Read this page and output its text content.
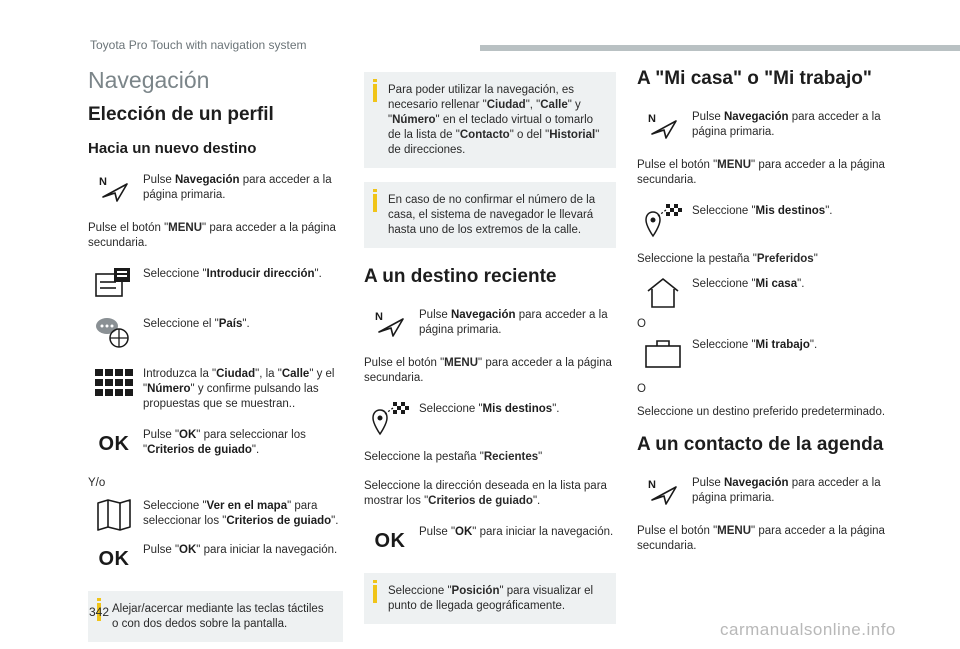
Toyota Pro Touch with navigation system
Navegación
Elección de un perfil
Hacia un nuevo destino
N	Pulse Navegación para acceder a la página primaria.

Pulse el botón "MENU" para acceder a la página secundaria.

Seleccione "Introducir dirección".
Seleccione el "País".
Introduzca la "Ciudad", la "Calle" y el "Número" y confirme pulsando las propuestas que se muestran..
OK Pulse "OK" para seleccionar los "Criterios de guiado".

Y/o

Seleccione "Ver en el mapa" para seleccionar los "Criterios de guiado".
OK Pulse "OK" para iniciar la navegación.
Alejar/acercar mediante las teclas táctiles o con dos dedos sobre la pantalla.
Para poder utilizar la navegación, es necesario rellenar "Ciudad", "Calle" y "Número" en el teclado virtual o tomarlo de la lista de "Contacto" o del "Historial" de direcciones.
En caso de no confirmar el número de la casa, el sistema de navegador le llevará hasta uno de los extremos de la calle.
A un destino reciente
N	Pulse Navegación para acceder a la página primaria.

Pulse el botón "MENU" para acceder a la página secundaria.

Seleccione "Mis destinos".

Seleccione la pestaña "Recientes"

Seleccione la dirección deseada en la lista para mostrar los "Criterios de guiado".

OK Pulse "OK" para iniciar la navegación.
Seleccione "Posición" para visualizar el punto de llegada geográficamente.
A "Mi casa" o "Mi trabajo"
N	Pulse Navegación para acceder a la página primaria.

Pulse el botón "MENU" para acceder a la página secundaria.

Seleccione "Mis destinos".

Seleccione la pestaña "Preferidos"

Seleccione "Mi casa".

O

Seleccione "Mi trabajo".

O

Seleccione un destino preferido predeterminado.

A un contacto de la agenda
N	Pulse Navegación para acceder a la página primaria.

Pulse el botón "MENU" para acceder a la página secundaria.

342
carmanualsonline.info
